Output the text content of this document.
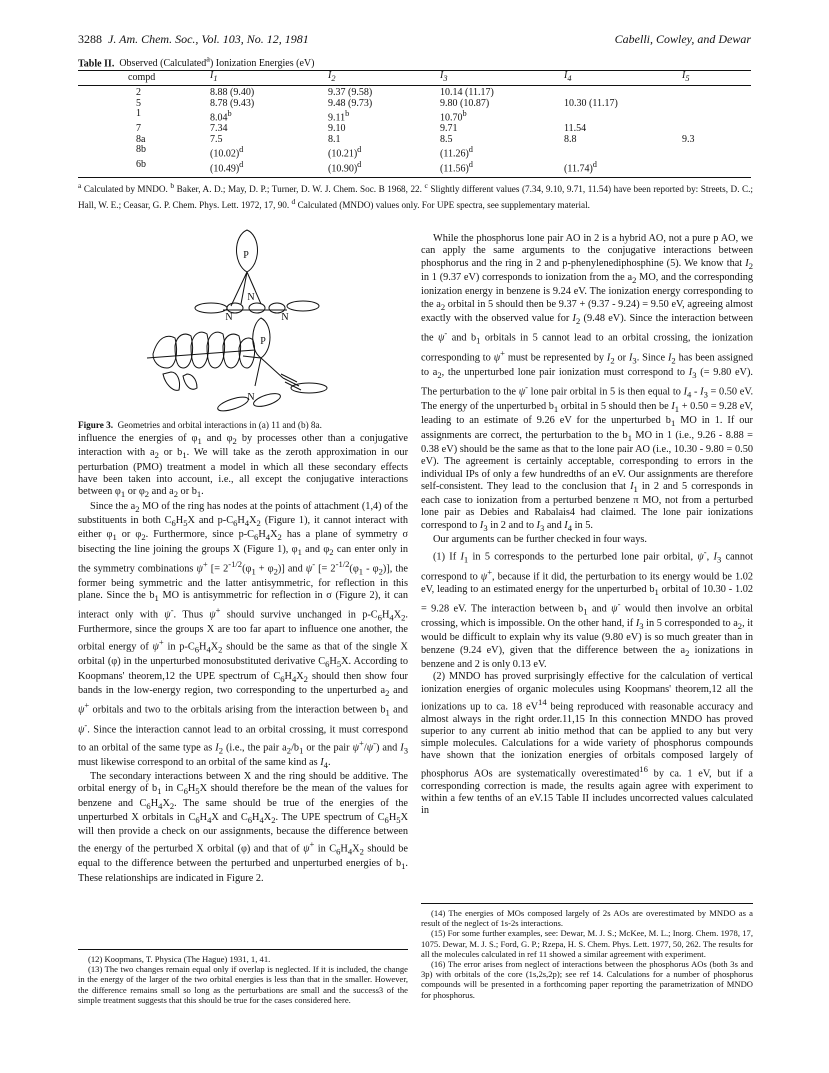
3288 J. Am. Chem. Soc., Vol. 103, No. 12, 1981	Cabelli, Cowley, and Dewar
Table II. Observed (Calculated$^a$) Ionization Energies (eV)
compd	$I_1$	$I_2$	$I_3$	$I_4$	$I_5$
2	8.88 (9.40)	9.37 (9.58)	10.14 (11.17)		
5	8.78 (9.43)	9.48 (9.73)	9.80 (10.87)	10.30 (11.17)	
1	8.04$^b$	9.11$^b$	10.70$^b$		
7	7.34	9.10	9.71	11.54	
8a	7.5	8.1	8.5	8.8	9.3
8b	$(10.02)^d$	$(10.21)^d$	$(11.26)^d$		
6b	$(10.49)^d$	$(10.90)^d$	$(11.56)^d$	$(11.74)^d$	
$^a$ Calculated by MNDO. $^b$ Baker, A. D.; May, D. P.; Turner, D. W. J. Chem. Soc. B 1968, 22. $^c$ Slightly different values (7.34, 9.10, 9.71, 11.54) have been reported by: Streets, D. C.; Hall, W. E.; Ceasar, G. P. Chem. Phys. Lett. 1972, 17, 90. $^d$ Calculated (MNDO) values only. For UPE spectra, see supplementary material.
P
N
N
N
P
N
Figure 3. Geometries and orbital interactions in (a) 11 and (b) 8a.

influence the energies of $\varphi_1$ and $\varphi_2$ by processes other than a conjugative interaction with $a_2$ or $b_1$. We will take as the zeroth approximation in our perturbation (PMO) treatment a model in which all these secondary effects have been taken into account, i.e., all except the conjugative interactions between $\varphi_1$ or $\varphi_2$ and $a_2$ or $b_1$.

Since the $a_2$ MO of the ring has nodes at the points of attachment (1,4) of the substituents in both $C_6H_5X$ and $p-C_6H_4X_2$ (Figure 1), it cannot interact with either $\varphi_1$ or $\varphi_2$. Furthermore, since $p-C_6H_4X_2$ has a plane of symmetry σ bisecting the line joining the groups X (Figure 1), $\varphi_1$ and $\varphi_2$ can enter only in the symmetry combinations ψ+ [= $2^{-1/2}(\varphi_1 + \varphi_2)$] and ψ- [= $2^{-1/2}(\varphi_1 - \varphi_2)$], the former being symmetric and the latter antisymmetric, for reflection in this plane. Since the $b_1$ MO is antisymmetric for reflection in σ (Figure 2), it can interact only with ψ-. Thus ψ+ should survive unchanged in $p-C_6H_4X_2$. Furthermore, since the groups X are too far apart to influence one another, the orbital energy of ψ+ in $p-C_6H_4X_2$ should be the same as that of the single X orbital (φ) in the unperturbed monosubstituted derivative $C_6H_5X$. According to Koopmans' theorem,12 the UPE spectrum of $C_6H_4X_2$ should then show four bands in the low-energy region, two corresponding to the unperturbed $a_2$ and ψ+ orbitals and two to the orbitals arising from the interaction between $b_1$ and ψ-. Since the interaction cannot lead to an orbital crossing, it must correspond to an orbital of the same type as $I_2$ (i.e., the pair $a_2/b_1$ or the pair ψ+/ψ-) and $I_3$ must likewise correspond to an orbital of the same kind as $I_4$.

The secondary interactions between X and the ring should be additive. The orbital energy of $b_1$ in $C_6H_5X$ should therefore be the mean of the values for benzene and $C_6H_4X_2$. The same should be true of the energies of the unperturbed X orbitals in $C_6H_4X$ and $C_6H_4X_2$. The UPE spectrum of $C_6H_5X$ will then provide a check on our assignments, because the difference between the energy of the perturbed X orbital (φ) and that of ψ+ in $C_6H_4X_2$ should be equal to the difference between the perturbed and unperturbed energies of $b_1$. These relationships are indicated in Figure 2.

While the phosphorus lone pair AO in 2 is a hybrid AO, not a pure p AO, we can apply the same arguments to the conjugative interactions between phosphorus and the ring in 2 and p-phenylenediphosphine (5). We know that $I_2$ in 1 (9.37 eV) corresponds to ionization from the $a_2$ MO, and the corresponding ionization energy in benzene is 9.24 eV. The ionization energy corresponding to the $a_2$ orbital in 5 should then be 9.37 + (9.37 - 9.24) = 9.50 eV, agreeing almost exactly with the observed value for $I_2$ (9.48 eV). Since the interaction between the ψ- and $b_1$ orbitals in 5 cannot lead to an orbital crossing, the ionization corresponding to ψ+ must be represented by $I_2$ or $I_3$. Since $I_2$ has been assigned to $a_2$, the unperturbed lone pair ionization must correspond to $I_3$ (= 9.80 eV). The perturbation to the ψ- lone pair orbital in 5 is then equal to $I_4 - I_3 = 0.50$ eV. The energy of the unperturbed $b_1$ orbital in 5 should then be $I_1 + 0.50 = 9.28$ eV, leading to an estimate of 9.26 eV for the unperturbed $b_1$ MO in 1. If our assignments are correct, the perturbation to the $b_1$ MO in 1 (i.e., 9.26 - 8.88 = 0.38 eV) should be the same as that to the lone pair AO (i.e., 10.30 - 9.80 = 0.50 eV). The agreement is certainly acceptable, corresponding to errors in the individual IPs of only a few hundredths of an eV. Our assignments are therefore self-consistent. They lead to the conclusion that $I_1$ in 2 and 5 corresponds in each case to ionization from a perturbed benzene π MO, not from a perturbed lone pair as Debies and Rabalais4 had claimed. The lone pair ionizations correspond to $I_3$ in 2 and to $I_3$ and $I_4$ in 5.

Our arguments can be further checked in four ways.

(1) If $I_1$ in 5 corresponds to the perturbed lone pair orbital, ψ-, $I_3$ cannot correspond to ψ+, because if it did, the perturbation to its energy would be 1.02 eV, leading to an estimated energy for the unperturbed $b_1$ orbital of 10.30 - 1.02 = 9.28 eV. The interaction between $b_1$ and ψ- would then involve an orbital crossing, which is impossible. On the other hand, if $I_3$ in 5 corresponded to $a_2$, it would be difficult to explain why its value (9.80 eV) is so much greater than in benzene (9.24 eV), given that the difference between the $a_2$ ionizations in benzene and 2 is only 0.13 eV.

(2) MNDO has proved surprisingly effective for the calculation of vertical ionization energies of organic molecules using Koopmans' theorem,12 all the ionizations up to ca. 18 $eV^{14}$ being reproduced with reasonable accuracy and almost always in the right order.11,15 In this connection MNDO has proved superior to any current ab initio method that can be applied to any but very simple molecules. Calculations for a wide variety of phosphorus compounds have shown that the ionization energies of orbitals composed largely of phosphorus AOs are systematically overestimated$^{16}$ by ca. 1 eV, but if a corresponding correction is made, the results again agree with experiment to within a few tenths of an eV.15 Table II includes uncorrected values calculated in

(12) Koopmans, T. Physica (The Hague) 1931, 1, 41.

(13) The two changes remain equal only if overlap is neglected. If it is included, the change in the energy of the larger of the two orbital energies is less than that in the smaller. However, the difference remains small so long as the perturbations are small and the success3 of the simple treatment suggests that this should be true for the cases considered here.

(14) The energies of MOs composed largely of 2s AOs are overestimated by MNDO as a result of the neglect of 1s-2s interactions.

(15) For some further examples, see: Dewar, M. J. S.; McKee, M. L.; Inorg. Chem. 1978, 17, 1075. Dewar, M. J. S.; Ford, G. P.; Rzepa, H. S. Chem. Phys. Lett. 1977, 50, 262. The results for all the molecules calculated in ref 11 showed a similar agreement with experiment.

(16) The error arises from neglect of interactions between the phosphorus AOs (both 3s and 3p) with orbitals of the core (1s,2s,2p); see ref 14. Calculations for a number of phosphorus compounds will be presented in a forthcoming paper reporting the parametrization of MNDO for phosphorus.
